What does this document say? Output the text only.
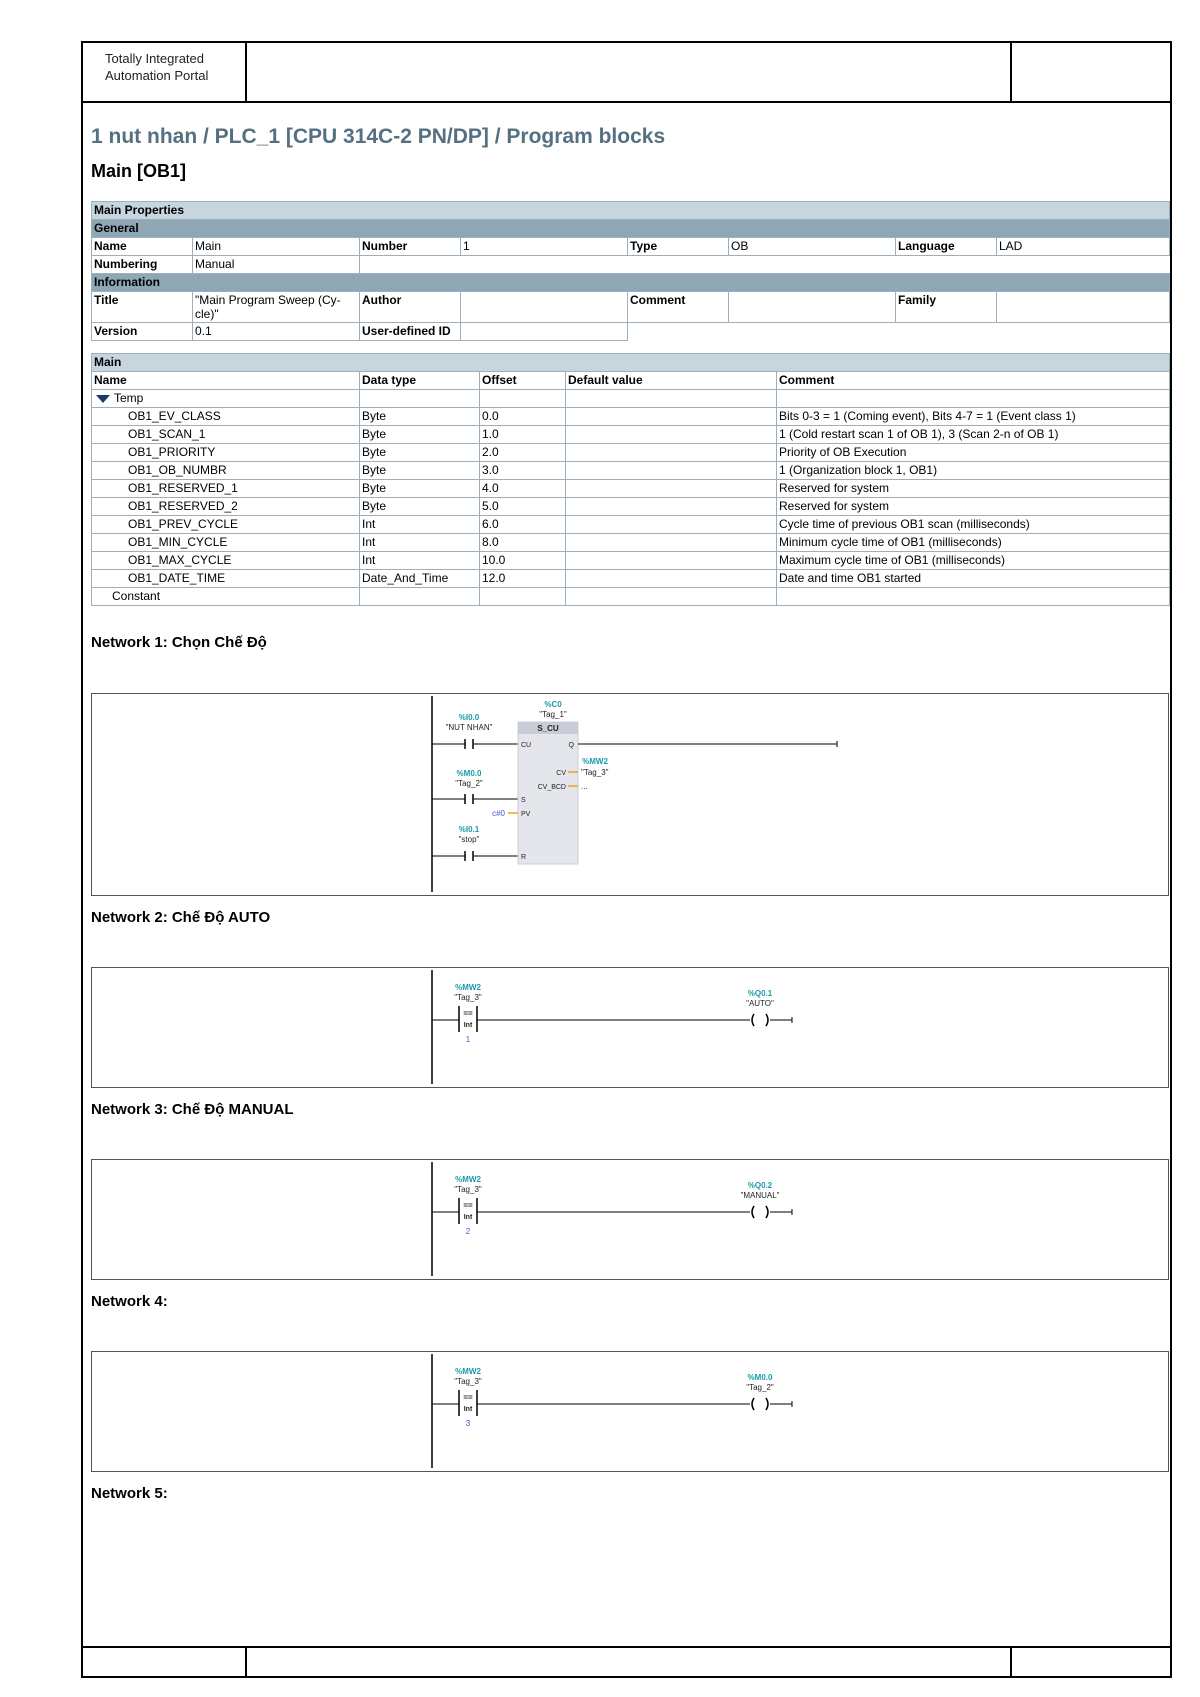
Totally Integrated
Automation Portal
1 nut nhan / PLC_1 [CPU 314C-2 PN/DP] / Program blocks
Main [OB1]
Main Properties							
General							
Name	Main	Number	1	Type	OB	Language	LAD
Numbering	Manual						
Information							
Title	"Main Program Sweep (Cy-
cle)"	Author		Comment		Family	
Version	0.1	User-defined ID					
Main				
Name	Data type	Offset	Default value	Comment
Temp				
OB1_EV_CLASS	Byte	0.0		Bits 0-3 = 1 (Coming event), Bits 4-7 = 1 (Event class 1)
OB1_SCAN_1	Byte	1.0		1 (Cold restart scan 1 of OB 1), 3 (Scan 2-n of OB 1)
OB1_PRIORITY	Byte	2.0		Priority of OB Execution
OB1_OB_NUMBR	Byte	3.0		1 (Organization block 1, OB1)
OB1_RESERVED_1	Byte	4.0		Reserved for system
OB1_RESERVED_2	Byte	5.0		Reserved for system
OB1_PREV_CYCLE	Int	6.0		Cycle time of previous OB1 scan (milliseconds)
OB1_MIN_CYCLE	Int	8.0		Minimum cycle time of OB1 (milliseconds)
OB1_MAX_CYCLE	Int	10.0		Maximum cycle time of OB1 (milliseconds)
OB1_DATE_TIME	Date_And_Time	12.0		Date and time OB1 started
Constant				
Network 1: Chọn Chế Độ
%I0.0
"NUT NHAN"
%M0.0
"Tag_2"
%I0.1
"stop"
%C0
"Tag_1"
S_CU
CU	Q
CV
CV_BCD
S
PV
R
c#0
%MW2
"Tag_3"
...
Network 2: Chế Độ AUTO
%MW2
"Tag_3"
==
Int
1
%Q0.1
"AUTO"
Network 3: Chế Độ MANUAL
%MW2
"Tag_3"
==
Int
2
%Q0.2
"MANUAL"
Network 4:
%MW2
"Tag_3"
==
Int
3
%M0.0
"Tag_2"
Network 5:
